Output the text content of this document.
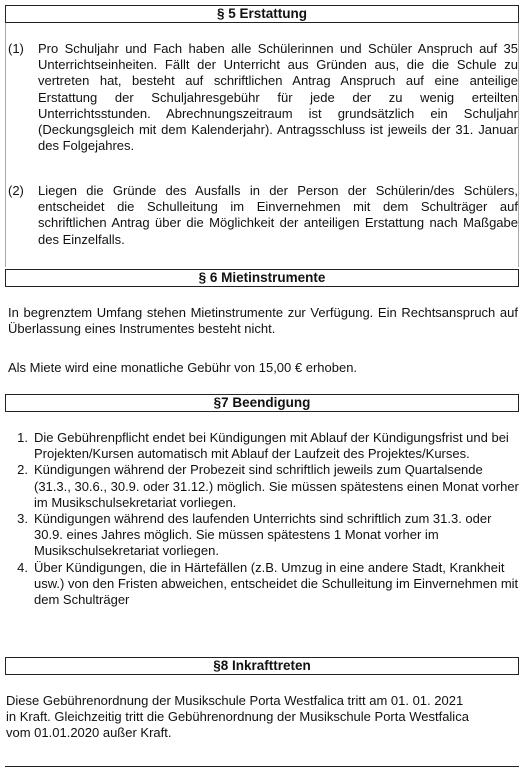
§ 5 Erstattung
(1)	Pro Schuljahr und Fach haben alle Schülerinnen und Schüler Anspruch auf 35 Unterrichtseinheiten. Fällt der Unterricht aus Gründen aus, die die Schule zu vertreten hat, besteht auf schriftlichen Antrag Anspruch auf eine anteilige Erstattung der Schuljahresgebühr für jede der zu wenig erteilten Unterrichtsstunden. Abrechnungszeitraum ist grundsätzlich ein Schuljahr (Deckungsgleich mit dem Kalenderjahr). Antragsschluss ist jeweils der 31. Januar des Folgejahres.
(2)	Liegen die Gründe des Ausfalls in der Person der Schülerin/des Schülers, entscheidet die Schulleitung im Einvernehmen mit dem Schulträger auf schriftlichen Antrag über die Möglichkeit der anteiligen Erstattung nach Maßgabe des Einzelfalls.
§ 6 Mietinstrumente
In begrenztem Umfang stehen Mietinstrumente zur Verfügung. Ein Rechtsanspruch auf Überlassung eines Instrumentes besteht nicht.
Als Miete wird eine monatliche Gebühr von 15,00 € erhoben.
§7 Beendigung
1. Die Gebührenpflicht endet bei Kündigungen mit Ablauf der Kündigungsfrist und bei Projekten/Kursen automatisch mit Ablauf der Laufzeit des Projektes/Kurses.
2. Kündigungen während der Probezeit sind schriftlich jeweils zum Quartalsende (31.3., 30.6., 30.9. oder 31.12.) möglich. Sie müssen spätestens einen Monat vorher im Musikschulsekretariat vorliegen.
3. Kündigungen während des laufenden Unterrichts sind schriftlich zum 31.3. oder 30.9. eines Jahres möglich. Sie müssen spätestens 1 Monat vorher im Musikschulsekretariat vorliegen.
4. Über Kündigungen, die in Härtefällen (z.B. Umzug in eine andere Stadt, Krankheit usw.) von den Fristen abweichen, entscheidet die Schulleitung im Einvernehmen mit dem Schulträger
§8 Inkrafttreten
Diese Gebührenordnung der Musikschule Porta Westfalica tritt am 01. 01. 2021 in Kraft. Gleichzeitig tritt die Gebührenordnung der Musikschule Porta Westfalica vom 01.01.2020 außer Kraft.
